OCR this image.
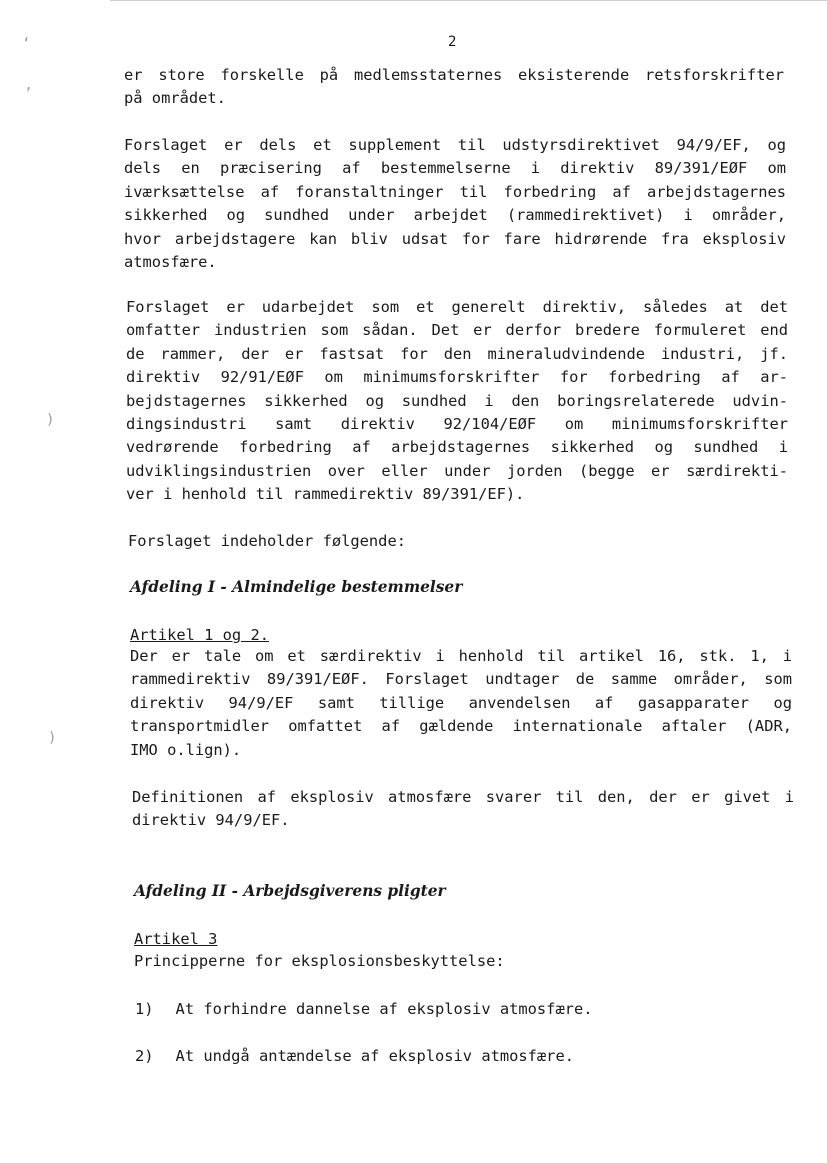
‘
’
)
)
2
er store forskelle på medlemsstaternes eksisterende retsforskrifter
på området.
Forslaget er dels et supplement til udstyrsdirektivet 94/9/EF, og
dels en præcisering af bestemmelserne i direktiv 89/391/EØF om
iværksættelse af foranstaltninger til forbedring af arbejdstagernes
sikkerhed og sundhed under arbejdet (rammedirektivet) i områder,
hvor arbejdstagere kan bliv udsat for fare hidrørende fra eksplosiv
atmosfære.
Forslaget er udarbejdet som et generelt direktiv, således at det
omfatter industrien som sådan. Det er derfor bredere formuleret end
de rammer, der er fastsat for den mineraludvindende industri, jf.
direktiv 92/91/EØF om minimumsforskrifter for forbedring af ar-
bejdstagernes sikkerhed og sundhed i den boringsrelaterede udvin-
dingsindustri samt direktiv 92/104/EØF om minimumsforskrifter
vedrørende forbedring af arbejdstagernes sikkerhed og sundhed i
udviklingsindustrien over eller under jorden (begge er særdirekti-
ver i henhold til rammedirektiv 89/391/EF).
Forslaget indeholder følgende:
Afdeling I - Almindelige bestemmelser
Artikel 1 og 2.
Der er tale om et særdirektiv i henhold til artikel 16, stk. 1, i
rammedirektiv 89/391/EØF. Forslaget undtager de samme områder, som
direktiv 94/9/EF samt tillige anvendelsen af gasapparater og
transportmidler omfattet af gældende internationale aftaler (ADR,
IMO o.lign).
Definitionen af eksplosiv atmosfære svarer til den, der er givet i
direktiv 94/9/EF.
Afdeling II - Arbejdsgiverens pligter
Artikel 3
Principperne for eksplosionsbeskyttelse:
1) At forhindre dannelse af eksplosiv atmosfære.
2) At undgå antændelse af eksplosiv atmosfære.
